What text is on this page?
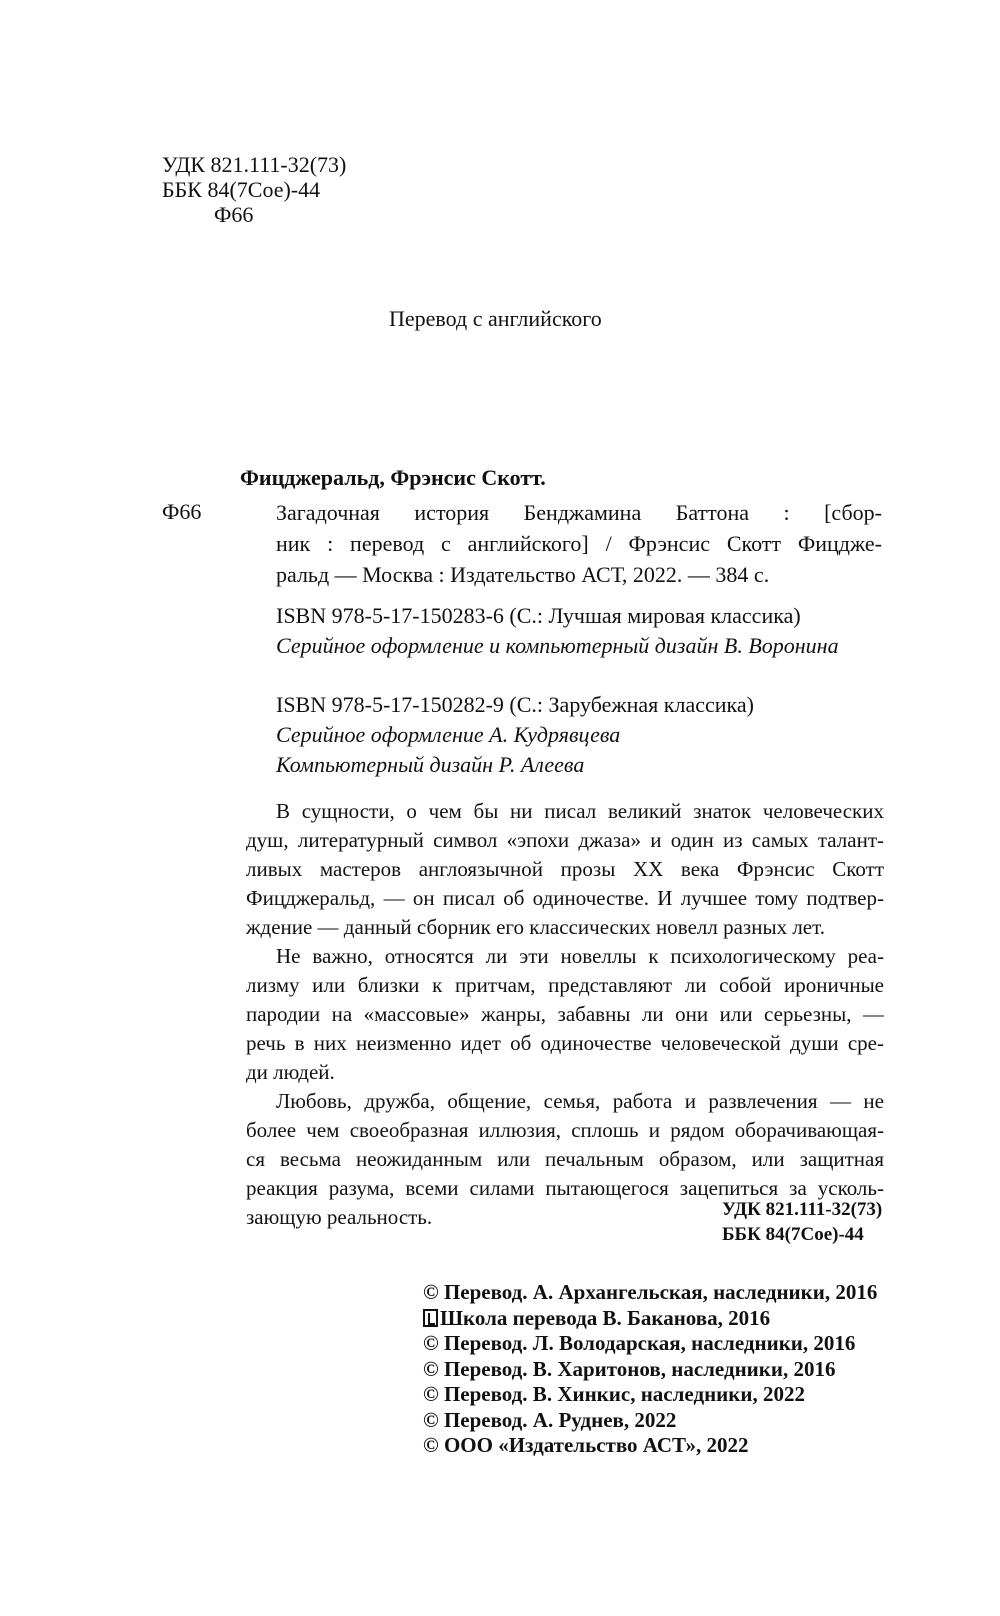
УДК 821.111-32(73)
ББК 84(7Сое)-44
Ф66
Перевод с английского
Фицджеральд, Фрэнсис Скотт.
Ф66	Загадочная история Бенджамина Баттона : [сбор-
ник : перевод с английского] / Фрэнсис Скотт Фицдже-
ральд — Москва : Издательство АСТ, 2022. — 384 с.
ISBN 978-5-17-150283-6 (С.: Лучшая мировая классика)
Серийное оформление и компьютерный дизайн В. Воронина
ISBN 978-5-17-150282-9 (С.: Зарубежная классика)
Серийное оформление А. Кудрявцева
Компьютерный дизайн Р. Алеева
В сущности, о чем бы ни писал великий знаток человеческих
душ, литературный символ «эпохи джаза» и один из самых талант-
ливых мастеров англоязычной прозы XX века Фрэнсис Скотт
Фицджеральд, — он писал об одиночестве. И лучшее тому подтвер-
ждение — данный сборник его классических новелл разных лет.
Не важно, относятся ли эти новеллы к психологическому реа-
лизму или близки к притчам, представляют ли собой ироничные
пародии на «массовые» жанры, забавны ли они или серьезны, —
речь в них неизменно идет об одиночестве человеческой души сре-
ди людей.
Любовь, дружба, общение, семья, работа и развлечения — не
более чем своеобразная иллюзия, сплошь и рядом оборачивающая-
ся весьма неожиданным или печальным образом, или защитная
реакция разума, всеми силами пытающегося зацепиться за усколь-
зающую реальность.	УДК 821.111-32(73)
ББК 84(7Сое)-44
© Перевод. А. Архангельская, наследники, 2016
Школа перевода В. Баканова, 2016
© Перевод. Л. Володарская, наследники, 2016
© Перевод. В. Харитонов, наследники, 2016
© Перевод. В. Хинкис, наследники, 2022
© Перевод. А. Руднев, 2022
© ООО «Издательство АСТ», 2022
